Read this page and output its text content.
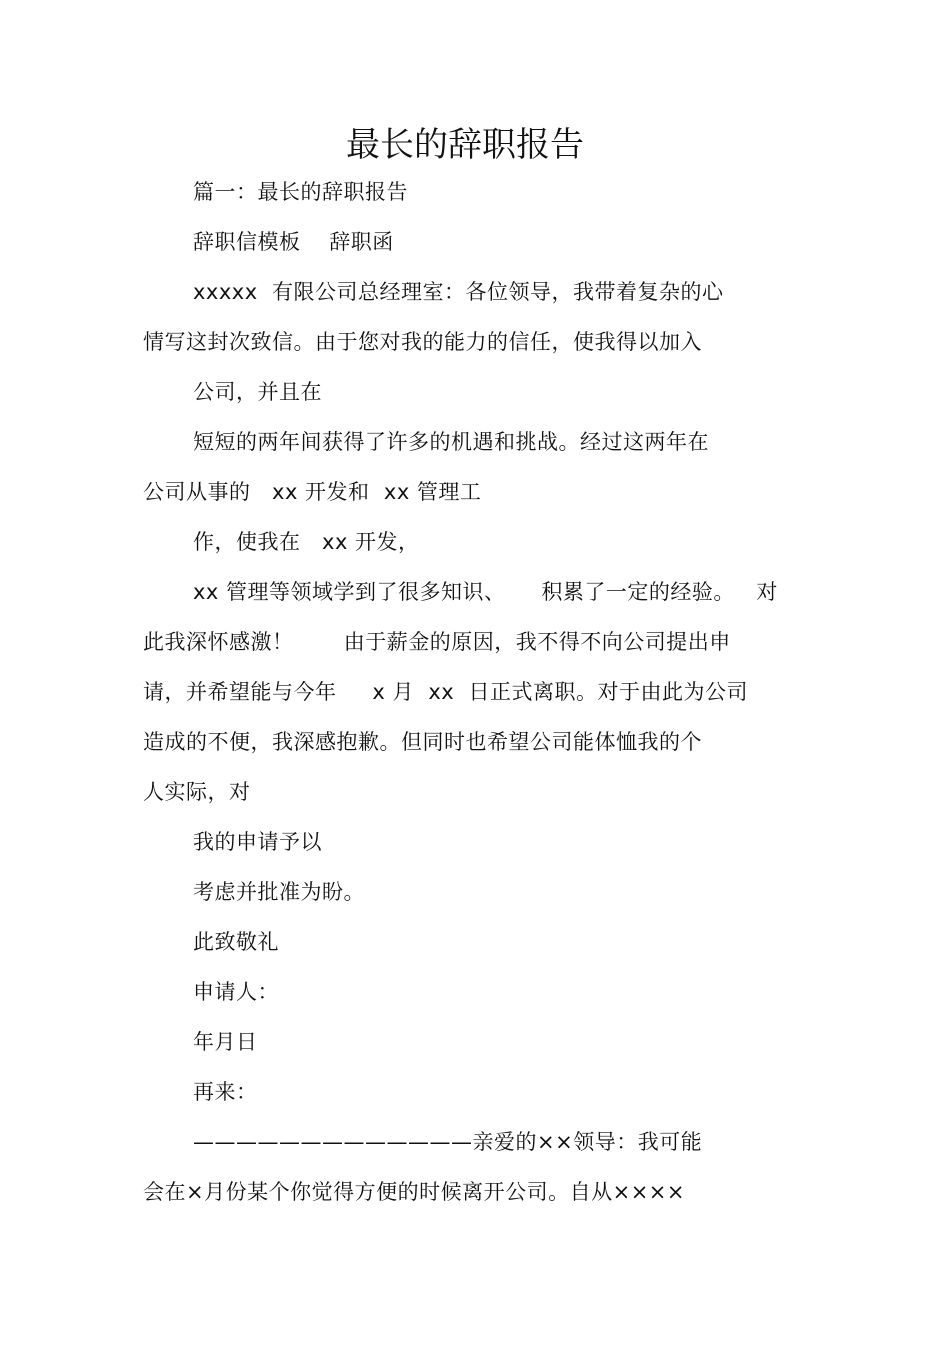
最长的辞职报告
篇一：最长的辞职报告
辞职信模板    辞职函
xxxxx  有限公司总经理室：各位领导，我带着复杂的心
情写这封次致信。由于您对我的能力的信任，使我得以加入
公司，并且在
短短的两年间获得了许多的机遇和挑战。经过这两年在
公司从事的   xx 开发和  xx 管理工
作，使我在   xx 开发，
xx 管理等领域学到了很多知识、     积累了一定的经验。   对
此我深怀感激！       由于薪金的原因，我不得不向公司提出申
请，并希望能与今年     x 月  xx  日正式离职。对于由此为公司
造成的不便，我深感抱歉。但同时也希望公司能体恤我的个
人实际，对
我的申请予以
考虑并批准为盼。
此致敬礼
申请人：
年月日
再来：
—————————————亲爱的××领导：我可能
会在×月份某个你觉得方便的时候离开公司。自从××××
